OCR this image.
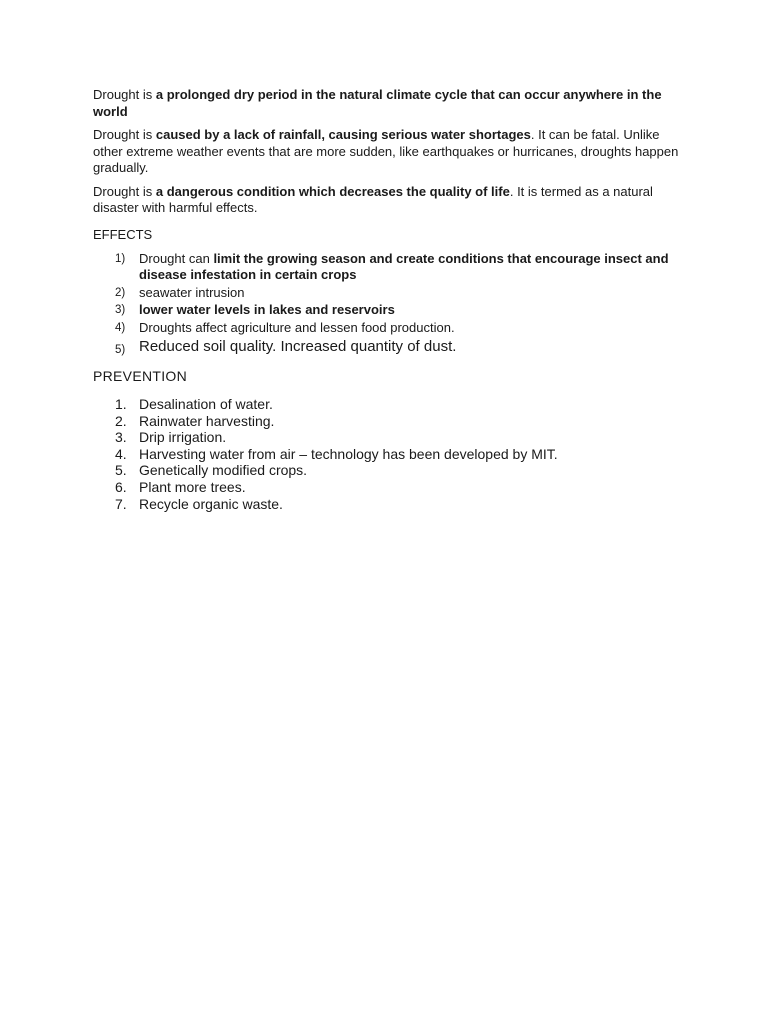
Drought is a prolonged dry period in the natural climate cycle that can occur anywhere in the world

Drought is caused by a lack of rainfall, causing serious water shortages. It can be fatal. Unlike other extreme weather events that are more sudden, like earthquakes or hurricanes, droughts happen gradually.

Drought is a dangerous condition which decreases the quality of life. It is termed as a natural disaster with harmful effects.

EFFECTS
1) Drought can limit the growing season and create conditions that encourage insect and disease infestation in certain crops
2) seawater intrusion
3) lower water levels in lakes and reservoirs
4) Droughts affect agriculture and lessen food production.
5) Reduced soil quality. Increased quantity of dust.
PREVENTION
1. Desalination of water.
2. Rainwater harvesting.
3. Drip irrigation.
4. Harvesting water from air – technology has been developed by MIT.
5. Genetically modified crops.
6. Plant more trees.
7. Recycle organic waste.
